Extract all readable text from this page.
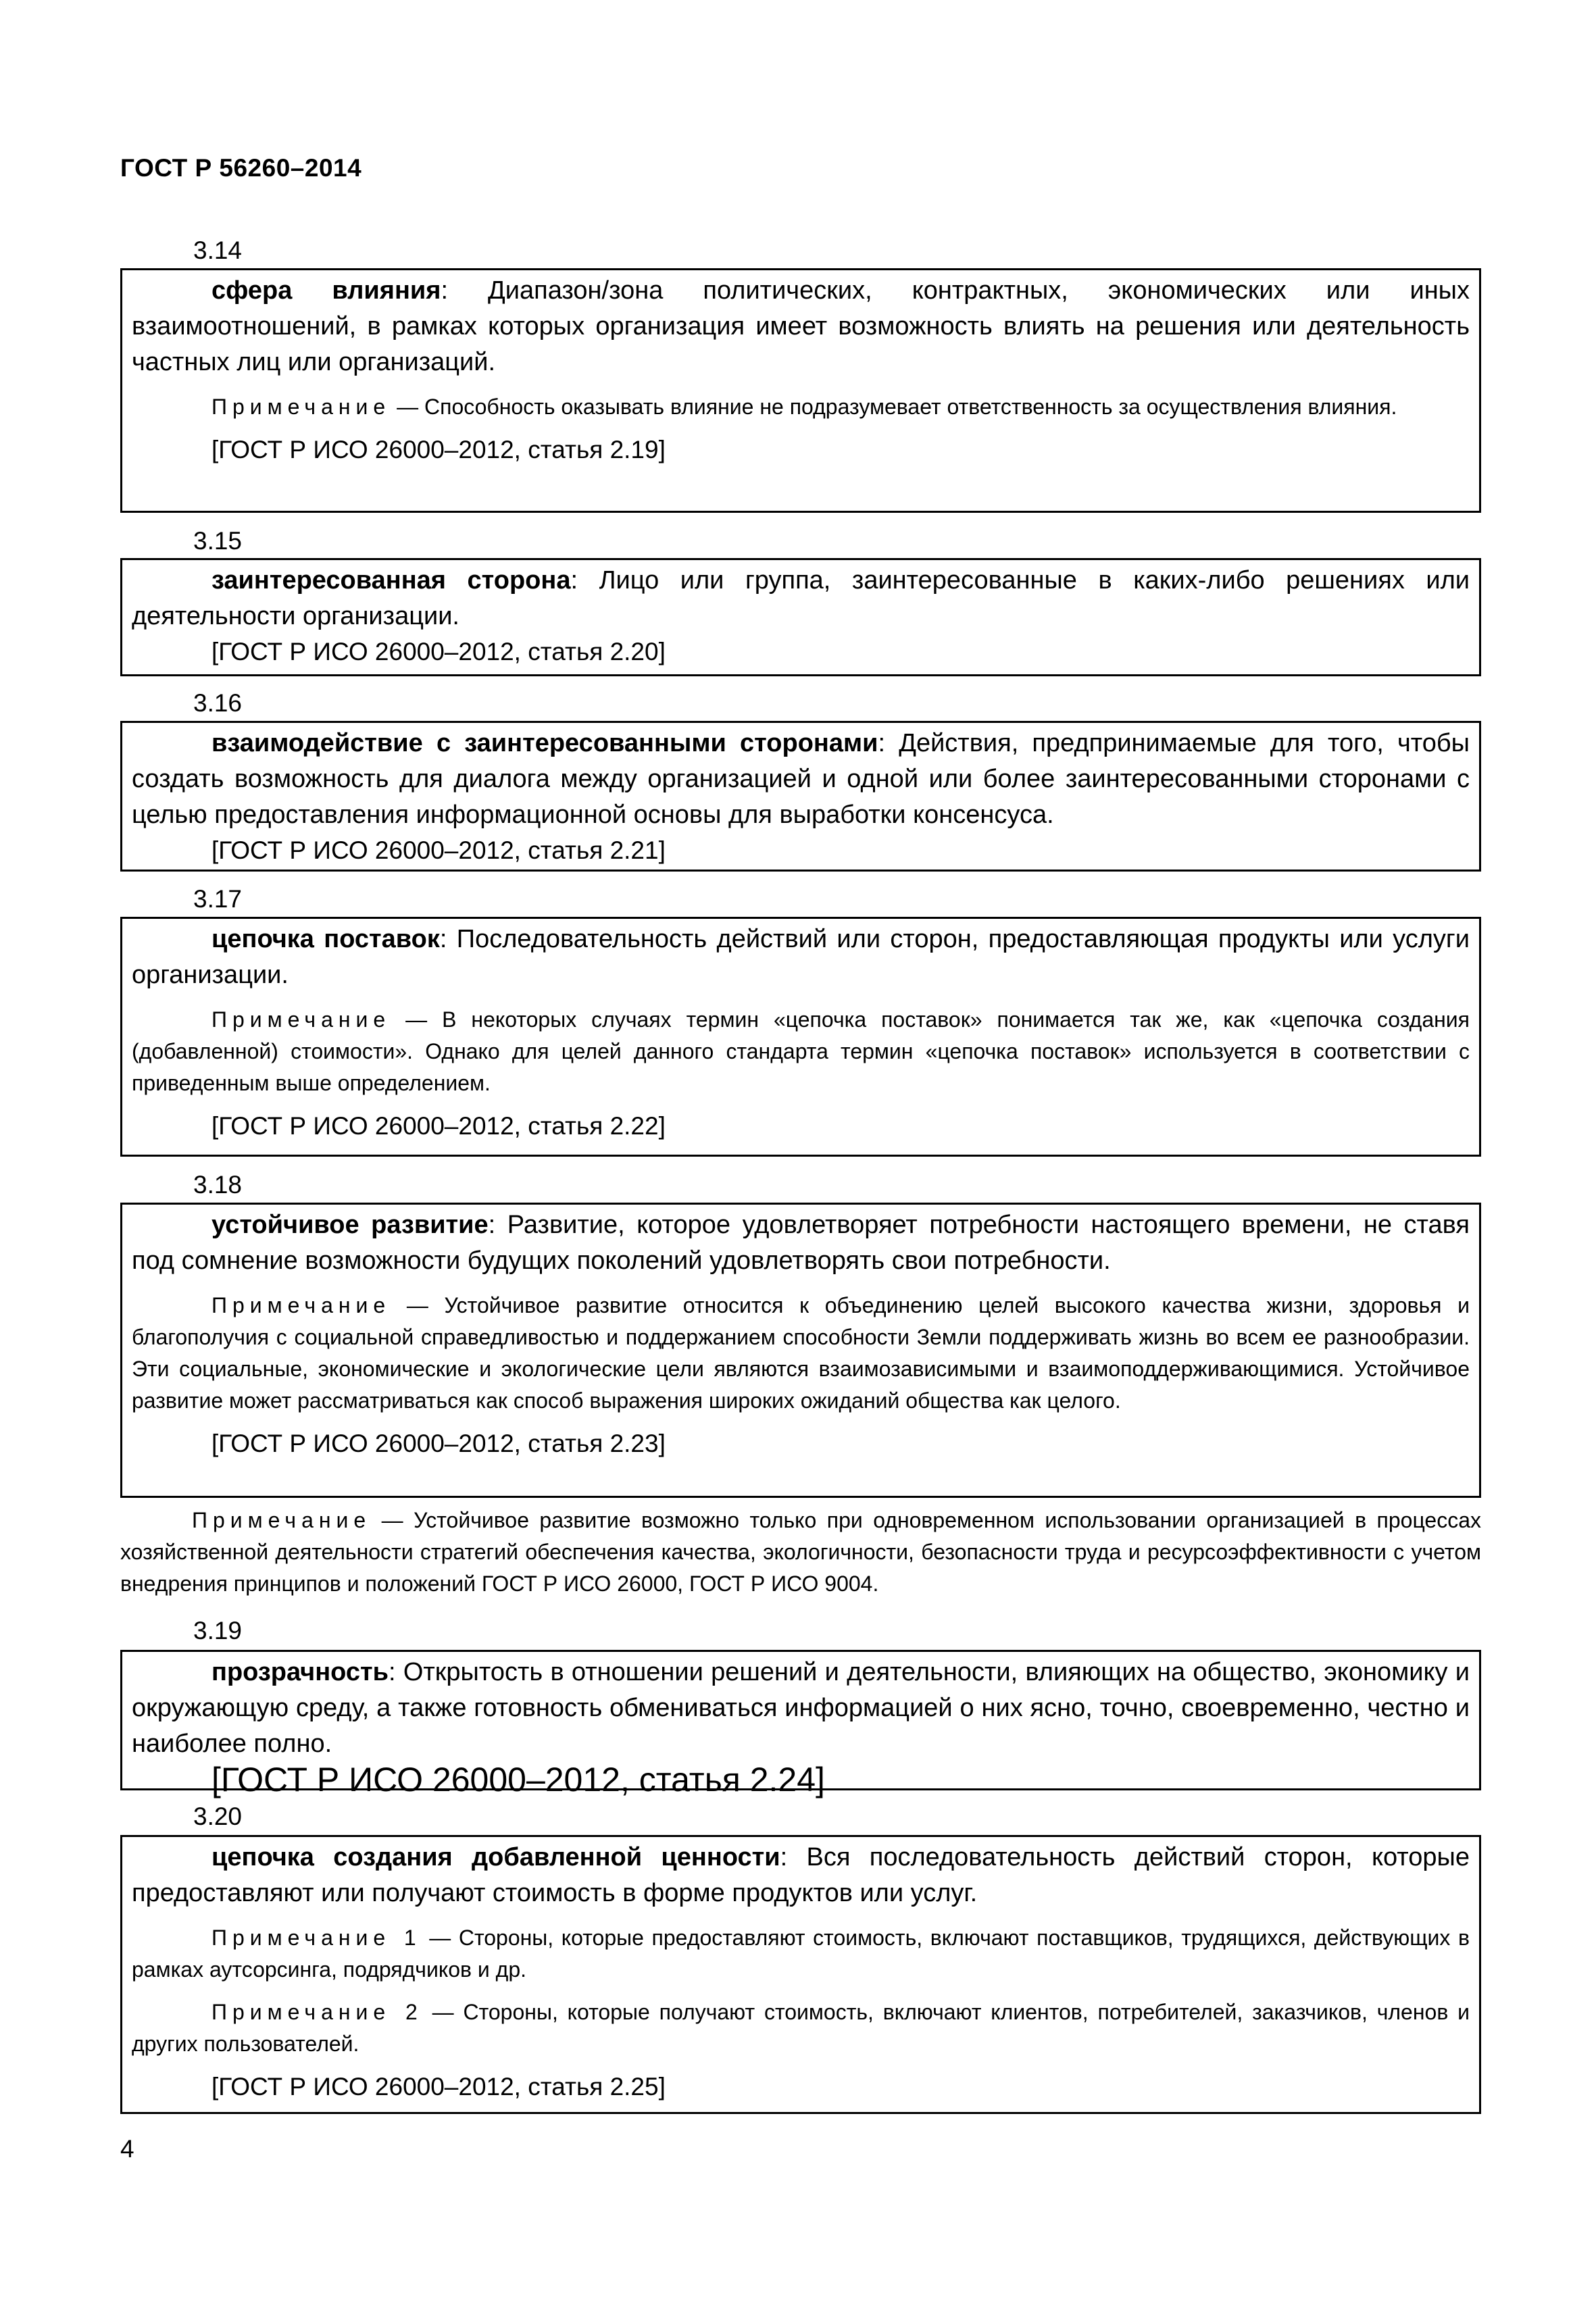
ГОСТ Р 56260–2014
3.14

сфера влияния: Диапазон/зона политических, контрактных, экономических или иных взаимоотношений, в рамках которых организация имеет возможность влиять на решения или деятельность частных лиц или организаций.

Примечание — Способность оказывать влияние не подразумевает ответственность за осуществления влияния.

[ГОСТ Р ИСО 26000–2012, статья 2.19]

3.15

заинтересованная сторона: Лицо или группа, заинтересованные в каких-либо решениях или деятельности организации.

[ГОСТ Р ИСО 26000–2012, статья 2.20]

3.16

взаимодействие с заинтересованными сторонами: Действия, предпринимаемые для того, чтобы создать возможность для диалога между организацией и одной или более заинтересованными сторонами с целью предоставления информационной основы для выработки консенсуса.

[ГОСТ Р ИСО 26000–2012, статья 2.21]

3.17

цепочка поставок: Последовательность действий или сторон, предоставляющая продукты или услуги организации.

Примечание — В некоторых случаях термин «цепочка поставок» понимается так же, как «цепочка создания (добавленной) стоимости». Однако для целей данного стандарта термин «цепочка поставок» используется в соответствии с приведенным выше определением.

[ГОСТ Р ИСО 26000–2012, статья 2.22]

3.18

устойчивое развитие: Развитие, которое удовлетворяет потребности настоящего времени, не ставя под сомнение возможности будущих поколений удовлетворять свои потребности.

Примечание — Устойчивое развитие относится к объединению целей высокого качества жизни, здоровья и благополучия с социальной справедливостью и поддержанием способности Земли поддерживать жизнь во всем ее разнообразии. Эти социальные, экономические и экологические цели являются взаимозависимыми и взаимоподдерживающимися. Устойчивое развитие может рассматриваться как способ выражения широких ожиданий общества как целого.

[ГОСТ Р ИСО 26000–2012, статья 2.23]

Примечание — Устойчивое развитие возможно только при одновременном использовании организацией в процессах хозяйственной деятельности стратегий обеспечения качества, экологичности, безопасности труда и ресурсоэффективности с учетом внедрения принципов и положений ГОСТ Р ИСО 26000, ГОСТ Р ИСО 9004.

3.19

прозрачность: Открытость в отношении решений и деятельности, влияющих на общество, экономику и окружающую среду, а также готовность обмениваться информацией о них ясно, точно, своевременно, честно и наиболее полно.

[ГОСТ Р ИСО 26000–2012, статья 2.24]

3.20

цепочка создания добавленной ценности: Вся последовательность действий сторон, которые предоставляют или получают стоимость в форме продуктов или услуг.

Примечание 1 — Стороны, которые предоставляют стоимость, включают поставщиков, трудящихся, действующих в рамках аутсорсинга, подрядчиков и др.

Примечание 2 — Стороны, которые получают стоимость, включают клиентов, потребителей, заказчиков, членов и других пользователей.

[ГОСТ Р ИСО 26000–2012, статья 2.25]

4
